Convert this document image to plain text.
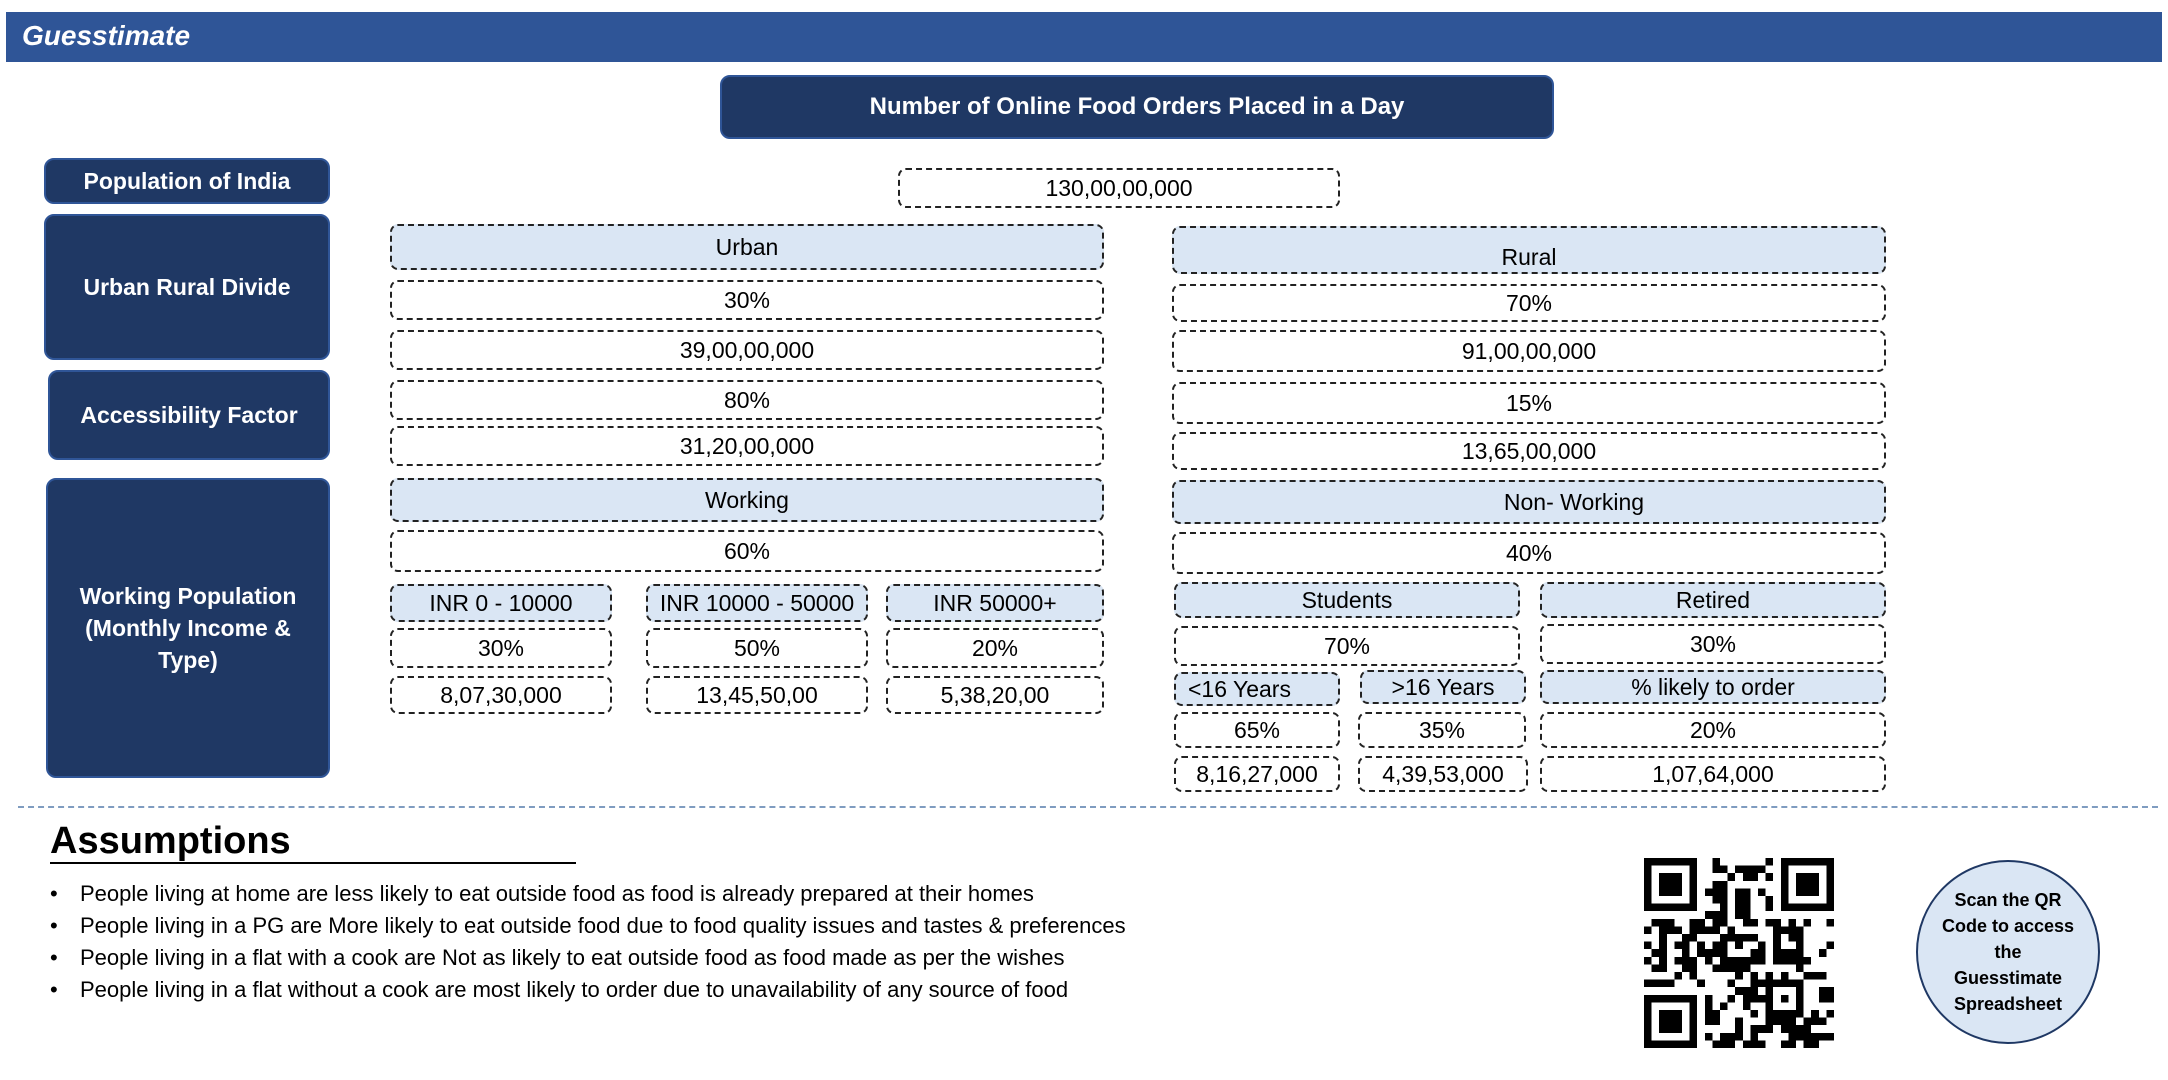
Guesstimate
Number of Online Food Orders Placed in a Day
Population of India
Urban Rural Divide
Accessibility Factor
Working Population (Monthly Income & Type)
130,00,00,000
Urban
30%
39,00,00,000
80%
31,20,00,000
Working
60%
INR 0 - 10000	INR 10000 - 50000	INR 50000+
30%	50%	20%
8,07,30,000	13,45,50,00	5,38,20,00
Rural
70%
91,00,00,000
15%
13,65,00,000
Non- Working
40%
Students	Retired
70%	30%
<16 Years	>16 Years	% likely to order
65%	35%	20%
8,16,27,000	4,39,53,000	1,07,64,000
Assumptions
• People living at home are less likely to eat outside food as food is already prepared at their homes
• People living in a PG are More likely to eat outside food due to food quality issues and tastes & preferences
• People living in a flat with a cook are Not as likely to eat outside food as food made as per the wishes
• People living in a flat without a cook are most likely to order due to unavailability of any source of food
Scan the QR Code to access the Guesstimate Spreadsheet
